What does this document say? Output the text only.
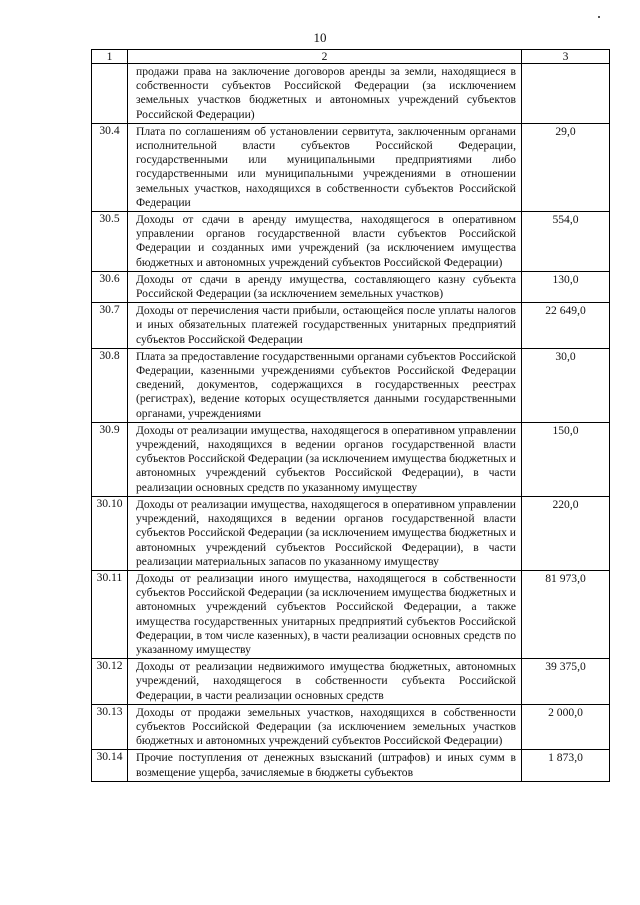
10
1	2	3
	продажи права на заключение договоров аренды за земли, находящиеся в собственности субъектов Российской Федерации (за исключением земельных участков бюджетных и автономных учреждений субъектов Российской Федерации)	
30.4	Плата по соглашениям об установлении сервитута, заключенным органами исполнительной власти субъектов Российской Федерации, государственными или муниципальными предприятиями либо государственными или муниципальными учреждениями в отношении земельных участков, находящихся в собственности субъектов Российской Федерации	29,0
30.5	Доходы от сдачи в аренду имущества, находящегося в оперативном управлении органов государственной власти субъектов Российской Федерации и созданных ими учреждений (за исключением имущества бюджетных и автономных учреждений субъектов Российской Федерации)	554,0
30.6	Доходы от сдачи в аренду имущества, составляющего казну субъекта Российской Федерации (за исключением земельных участков)	130,0
30.7	Доходы от перечисления части прибыли, остающейся после уплаты налогов и иных обязательных платежей государственных унитарных предприятий субъектов Российской Федерации	22 649,0
30.8	Плата за предоставление государственными органами субъектов Российской Федерации, казенными учреждениями субъектов Российской Федерации сведений, документов, содержащихся в государственных реестрах (регистрах), ведение которых осуществляется данными государственными органами, учреждениями	30,0
30.9	Доходы от реализации имущества, находящегося в оперативном управлении учреждений, находящихся в ведении органов государственной власти субъектов Российской Федерации (за исключением имущества бюджетных и автономных учреждений субъектов Российской Федерации), в части реализации основных средств по указанному имуществу	150,0
30.10	Доходы от реализации имущества, находящегося в оперативном управлении учреждений, находящихся в ведении органов государственной власти субъектов Российской Федерации (за исключением имущества бюджетных и автономных учреждений субъектов Российской Федерации), в части реализации материальных запасов по указанному имуществу	220,0
30.11	Доходы от реализации иного имущества, находящегося в собственности субъектов Российской Федерации (за исключением имущества бюджетных и автономных учреждений субъектов Российской Федерации, а также имущества государственных унитарных предприятий субъектов Российской Федерации, в том числе казенных), в части реализации основных средств по указанному имуществу	81 973,0
30.12	Доходы от реализации недвижимого имущества бюджетных, автономных учреждений, находящегося в собственности субъекта Российской Федерации, в части реализации основных средств	39 375,0
30.13	Доходы от продажи земельных участков, находящихся в собственности субъектов Российской Федерации (за исключением земельных участков бюджетных и автономных учреждений субъектов Российской Федерации)	2 000,0
30.14	Прочие поступления от денежных взысканий (штрафов) и иных сумм в возмещение ущерба, зачисляемые в бюджеты субъектов	1 873,0
